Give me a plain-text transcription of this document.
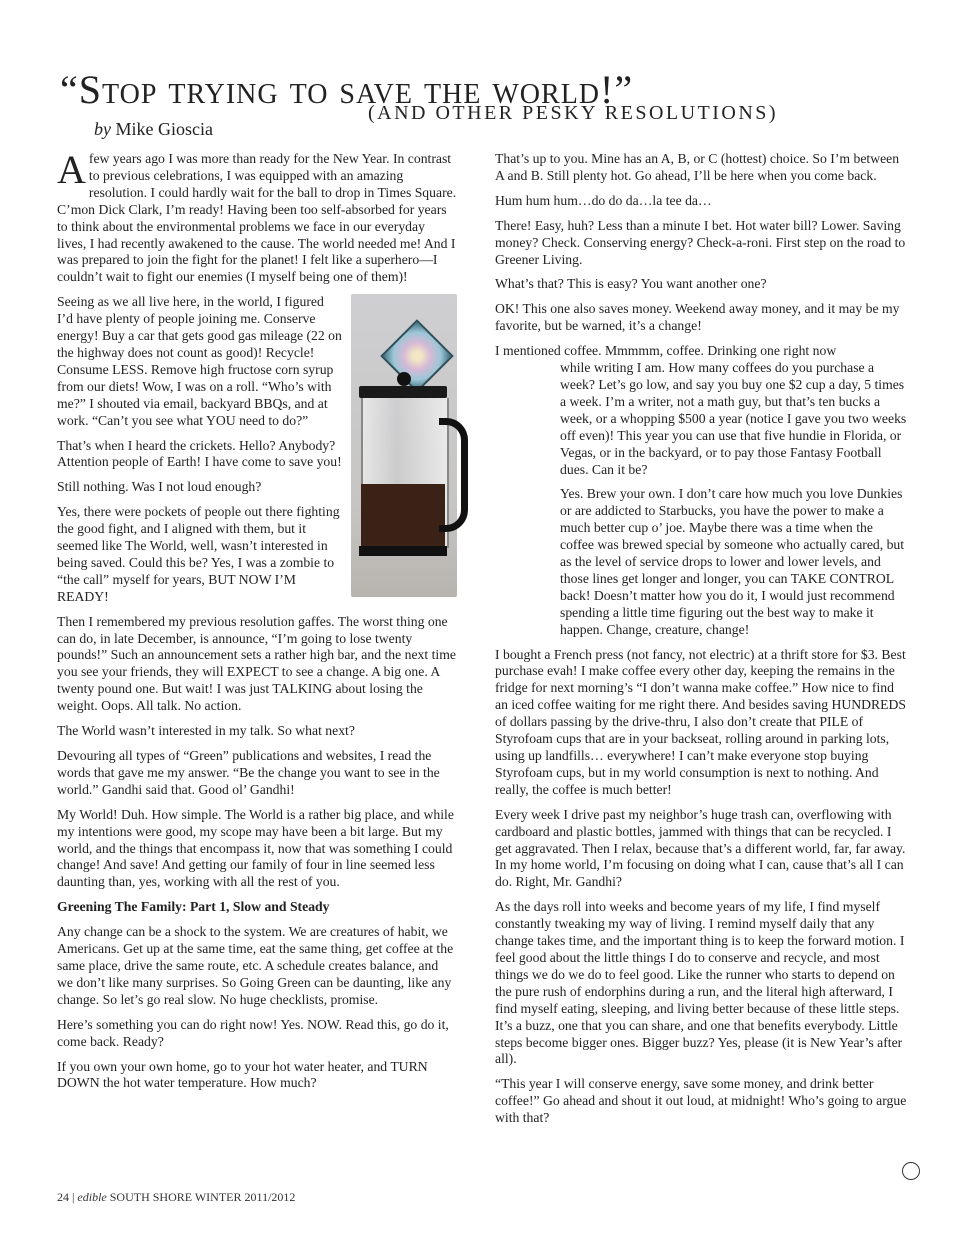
“Stop trying to save the world!”
(AND OTHER PESKY RESOLUTIONS)
by Mike Gioscia

Afew years ago I was more than ready for the New Year. In contrast to previous celebrations, I was equipped with an amazing resolution. I could hardly wait for the ball to drop in Times Square. C’mon Dick Clark, I’m ready! Having been too self-absorbed for years to think about the environmental problems we face in our everyday lives, I had recently awakened to the cause. The world needed me! And I was prepared to join the fight for the planet! I felt like a superhero—I couldn’t wait to fight our enemies (I myself being one of them)!

Seeing as we all live here, in the world, I figured I’d have plenty of people joining me. Conserve energy! Buy a car that gets good gas mileage (22 on the highway does not count as good)! Recycle! Consume LESS. Remove high fructose corn syrup from our diets! Wow, I was on a roll. “Who’s with me?” I shouted via email, backyard BBQs, and at work. “Can’t you see what YOU need to do?”

That’s when I heard the crickets. Hello? Anybody? Attention people of Earth! I have come to save you!

Still nothing. Was I not loud enough?

Yes, there were pockets of people out there fighting the good fight, and I aligned with them, but it seemed like The World, well, wasn’t interested in being saved. Could this be? Yes, I was a zombie to “the call” myself for years, BUT NOW I’M READY!

Then I remembered my previous resolution gaffes. The worst thing one can do, in late December, is announce, “I’m going to lose twenty pounds!” Such an announcement sets a rather high bar, and the next time you see your friends, they will EXPECT to see a change. A big one. A twenty pound one. But wait! I was just TALKING about losing the weight. Oops. All talk. No action.

The World wasn’t interested in my talk. So what next?

Devouring all types of “Green” publications and websites, I read the words that gave me my answer. “Be the change you want to see in the world.” Gandhi said that. Good ol’ Gandhi!

My World! Duh. How simple. The World is a rather big place, and while my intentions were good, my scope may have been a bit large. But my world, and the things that encompass it, now that was something I could change! And save! And getting our family of four in line seemed less daunting than, yes, working with all the rest of you.

Greening The Family: Part 1, Slow and Steady

Any change can be a shock to the system. We are creatures of habit, we Americans. Get up at the same time, eat the same thing, get coffee at the same place, drive the same route, etc. A schedule creates balance, and we don’t like many surprises. So Going Green can be daunting, like any change. So let’s go real slow. No huge checklists, promise.

Here’s something you can do right now! Yes. NOW. Read this, go do it, come back. Ready?

If you own your own home, go to your hot water heater, and TURN DOWN the hot water temperature. How much?

That’s up to you. Mine has an A, B, or C (hottest) choice. So I’m between A and B. Still plenty hot. Go ahead, I’ll be here when you come back.

Hum hum hum…do do da…la tee da…

There! Easy, huh? Less than a minute I bet. Hot water bill? Lower. Saving money? Check. Conserving energy? Check-a-roni. First step on the road to Greener Living.

What’s that? This is easy? You want another one?

OK! This one also saves money. Weekend away money, and it may be my favorite, but be warned, it’s a change!

I mentioned coffee. Mmmmm, coffee. Drinking one right now

while writing I am. How many coffees do you purchase a week? Let’s go low, and say you buy one $2 cup a day, 5 times a week. I’m a writer, not a math guy, but that’s ten bucks a week, or a whopping $500 a year (notice I gave you two weeks off even)! This year you can use that five hundie in Florida, or Vegas, or in the backyard, or to pay those Fantasy Football dues. Can it be?

Yes. Brew your own. I don’t care how much you love Dunkies or are addicted to Starbucks, you have the power to make a much better cup o’ joe. Maybe there was a time when the coffee was brewed special by someone who actually cared, but as the level of service drops to lower and lower levels, and those lines get longer and longer, you can TAKE CONTROL back! Doesn’t matter how you do it, I would just recommend spending a little time figuring out the best way to make it happen. Change, creature, change!

I bought a French press (not fancy, not electric) at a thrift store for $3. Best purchase evah! I make coffee every other day, keeping the remains in the fridge for next morning’s “I don’t wanna make coffee.” How nice to find an iced coffee waiting for me right there. And besides saving HUNDREDS of dollars passing by the drive-thru, I also don’t create that PILE of Styrofoam cups that are in your backseat, rolling around in parking lots, using up landfills… everywhere! I can’t make everyone stop buying Styrofoam cups, but in my world consumption is next to nothing. And really, the coffee is much better!

Every week I drive past my neighbor’s huge trash can, overflowing with cardboard and plastic bottles, jammed with things that can be recycled. I get aggravated. Then I relax, because that’s a different world, far, far away. In my home world, I’m focusing on doing what I can, cause that’s all I can do. Right, Mr. Gandhi?

As the days roll into weeks and become years of my life, I find myself constantly tweaking my way of living. I remind myself daily that any change takes time, and the important thing is to keep the forward motion. I feel good about the little things I do to conserve and recycle, and most things we do we do to feel good. Like the runner who starts to depend on the pure rush of endorphins during a run, and the literal high afterward, I find myself eating, sleeping, and living better because of these little steps. It’s a buzz, one that you can share, and one that benefits everybody. Little steps become bigger ones. Bigger buzz? Yes, please (it is New Year’s after all).

“This year I will conserve energy, save some money, and drink better coffee!” Go ahead and shout it out loud, at midnight! Who’s going to argue with that?

24 | edible SOUTH SHORE WINTER 2011/2012
